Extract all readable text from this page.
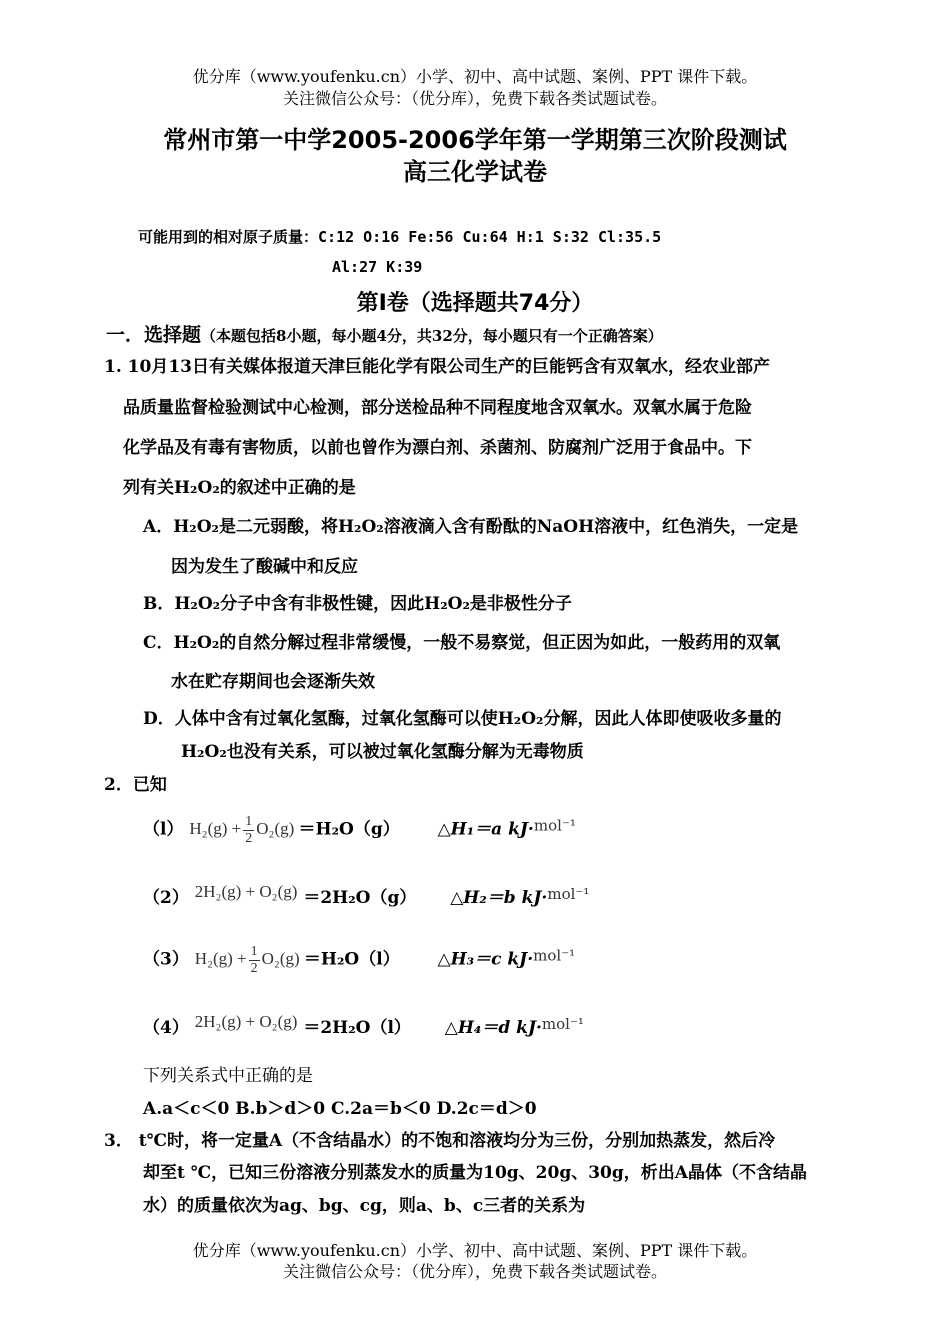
优分库（www.youfenku.cn）小学、初中、高中试题、案例、PPT 课件下载。
关注微信公众号：（优分库），免费下载各类试题试卷。
常州市第一中学2005-2006学年第一学期第三次阶段测试
高三化学试卷
可能用到的相对原子质量：C:12 O:16 Fe:56 Cu:64 H:1 S:32 Cl:35.5
Al:27 K:39
第Ⅰ卷（选择题共74分）
一．选择题（本题包括8小题，每小题4分，共32分，每小题只有一个正确答案）
1. 10月13日有关媒体报道天津巨能化学有限公司生产的巨能钙含有双氧水，经农业部产
品质量监督检验测试中心检测，部分送检品种不同程度地含双氧水。双氧水属于危险
化学品及有毒有害物质，以前也曾作为漂白剂、杀菌剂、防腐剂广泛用于食品中。下
列有关H₂O₂的叙述中正确的是
A．H₂O₂是二元弱酸，将H₂O₂溶液滴入含有酚酞的NaOH溶液中，红色消失，一定是
因为发生了酸碱中和反应
B．H₂O₂分子中含有非极性键，因此H₂O₂是非极性分子
C．H₂O₂的自然分解过程非常缓慢，一般不易察觉，但正因为如此，一般药用的双氧
水在贮存期间也会逐渐失效
D．人体中含有过氧化氢酶，过氧化氢酶可以使H₂O₂分解，因此人体即使吸收多量的
H₂O₂也没有关系，可以被过氧化氢酶分解为无毒物质
2．已知
（l） $H_2(g) + \frac{1}{2} O_2(g) =H_2O(g)$ △H₁＝a kJ·mol⁻¹
（2） 2H₂(g) + O₂(g) ＝2H₂O（g） △H₂＝b kJ·mol⁻¹
（3） $H_2(g) + \frac{1}{2} O_2(g) =H_2O(l)$ △H₃＝c kJ·mol⁻¹
（4） 2H₂(g) + O₂(g) ＝2H₂O（l） △H₄＝d kJ·mol⁻¹
下列关系式中正确的是
A.a＜c＜0 B.b＞d＞0 C.2a＝b＜0 D.2c＝d＞0
3． t℃时，将一定量A（不含结晶水）的不饱和溶液均分为三份，分别加热蒸发，然后冷
却至t ℃，已知三份溶液分别蒸发水的质量为10g、20g、30g，析出A晶体（不含结晶
水）的质量依次为ag、bg、cg，则a、b、c三者的关系为
优分库（www.youfenku.cn）小学、初中、高中试题、案例、PPT 课件下载。
关注微信公众号：（优分库），免费下载各类试题试卷。
